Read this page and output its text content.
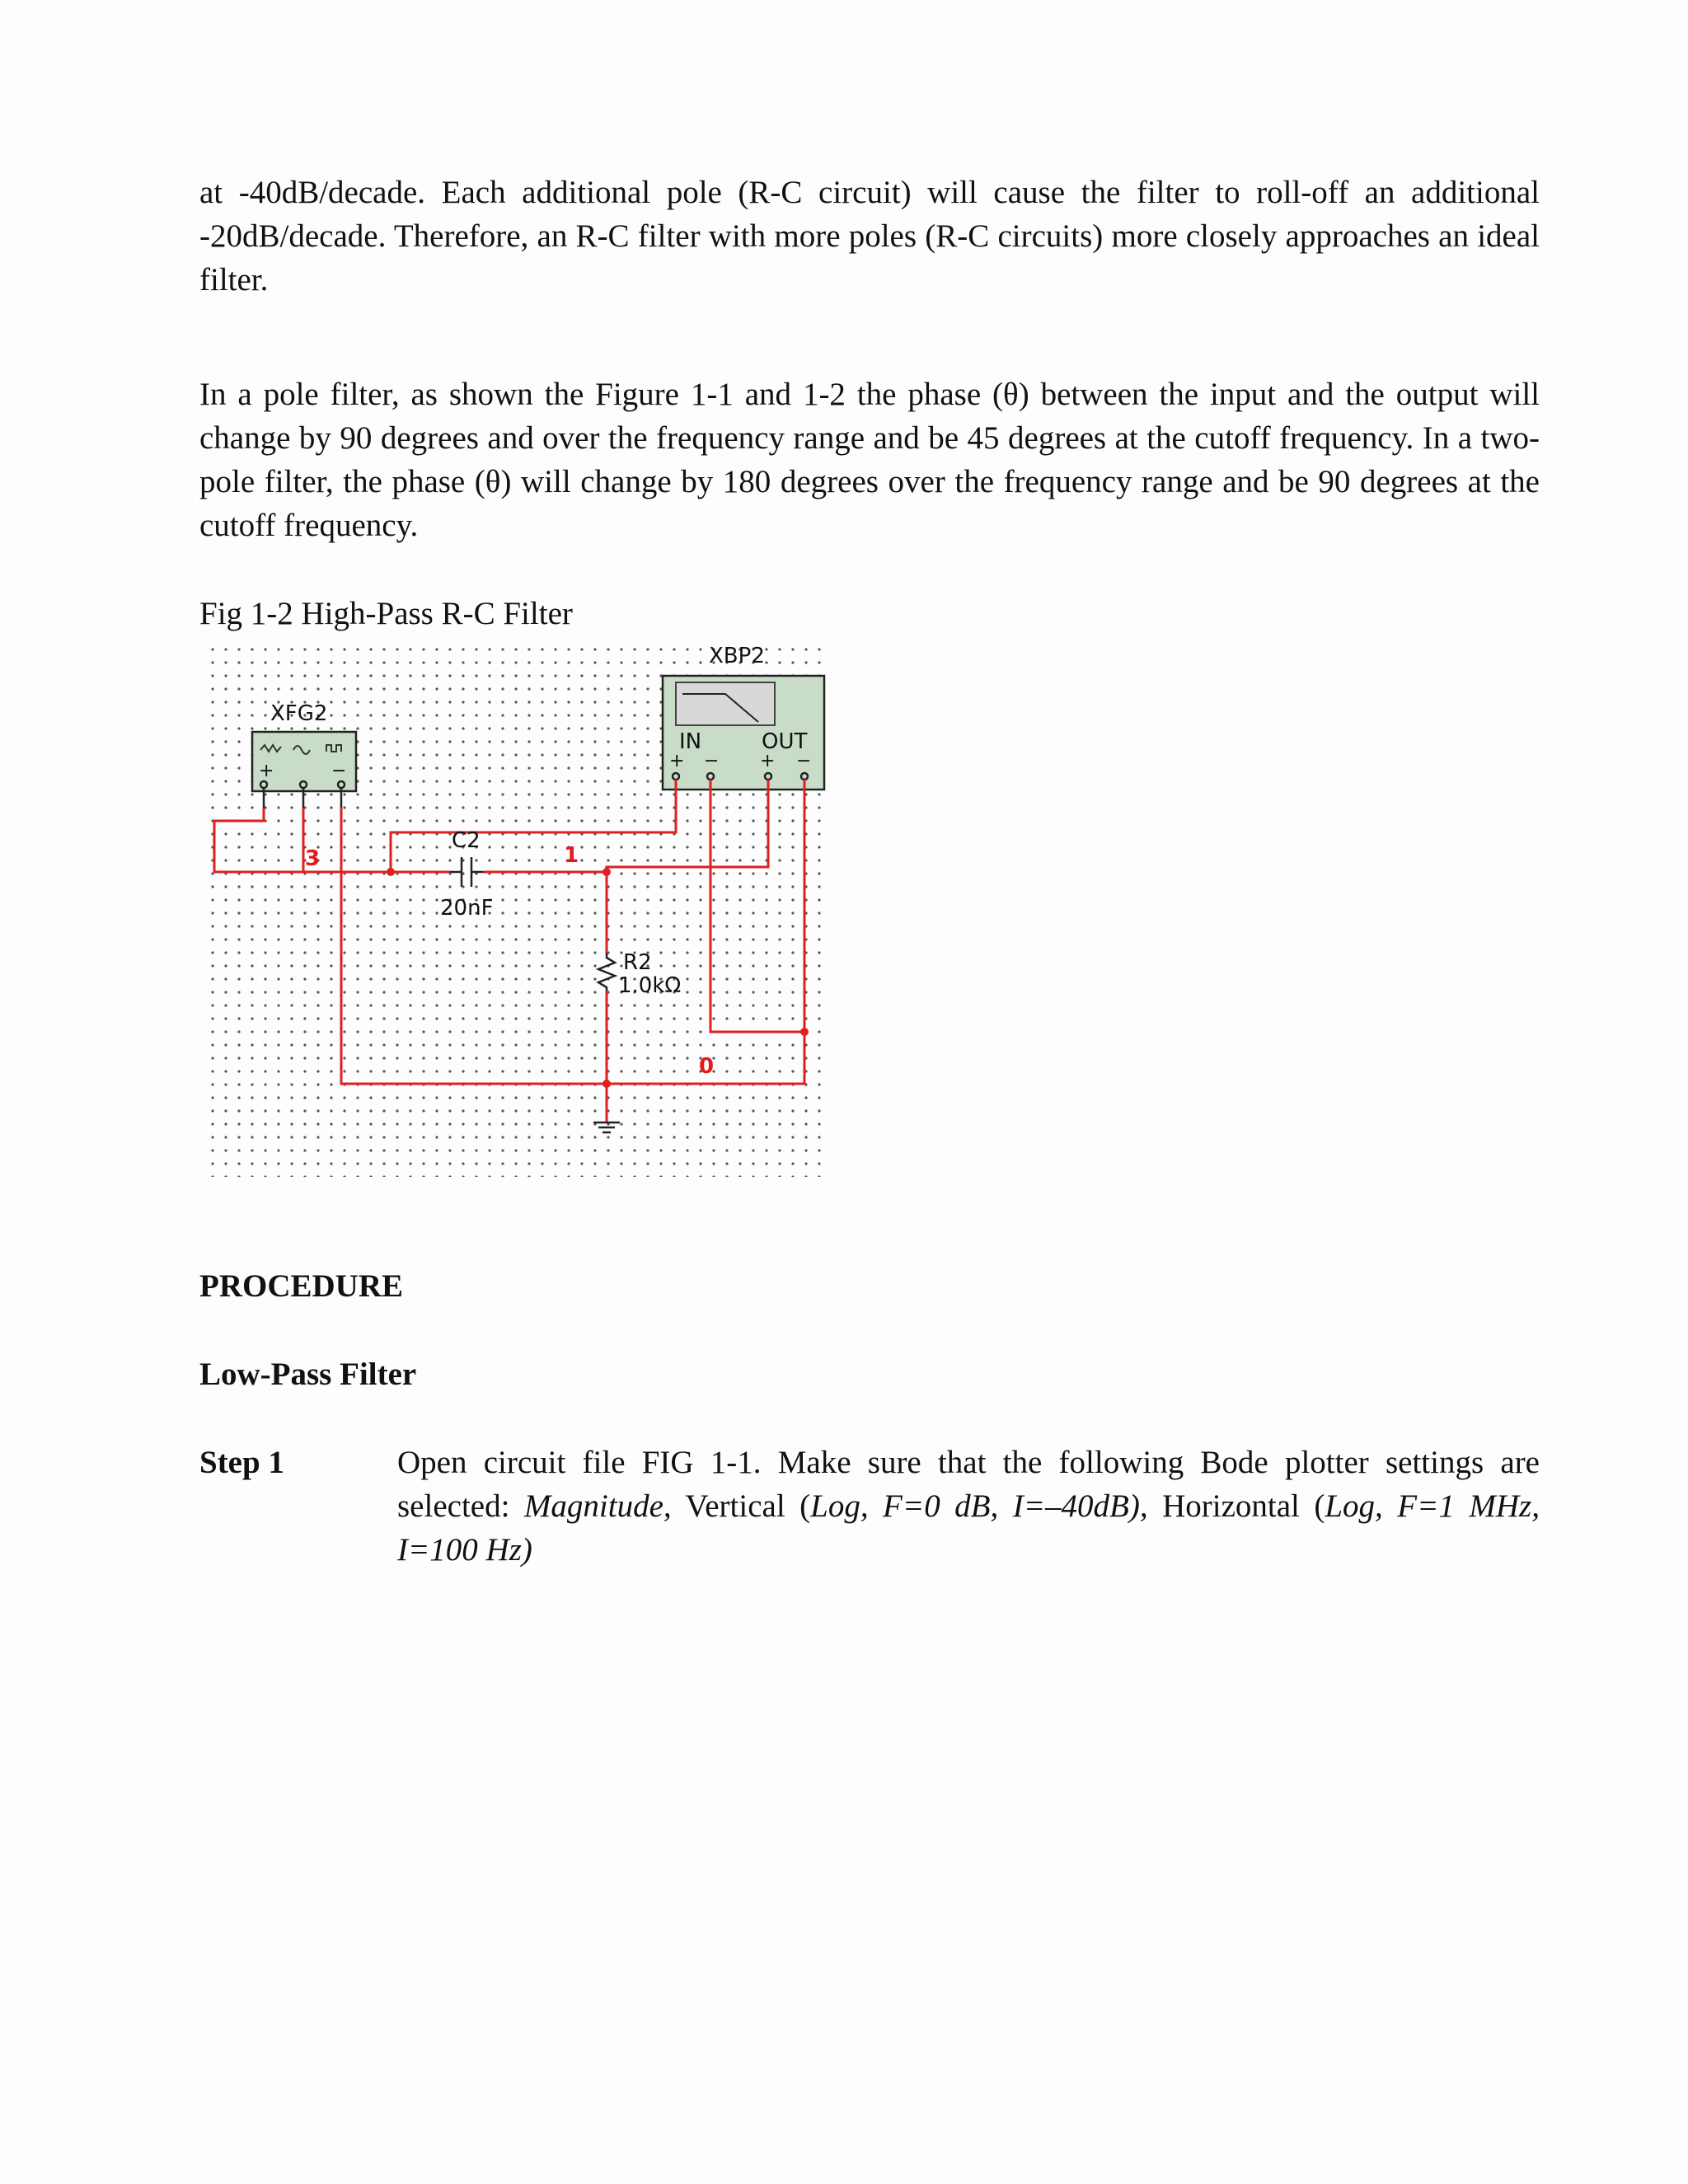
at -40dB/decade. Each additional pole (R-C circuit) will cause the filter to roll-off an additional -20dB/decade. Therefore, an R-C filter with more poles (R-C circuits) more closely approaches an ideal filter.

In a pole filter, as shown the Figure 1-1 and 1-2 the phase (θ) between the input and the output will change by 90 degrees and over the frequency range and be 45 degrees at the cutoff frequency. In a two-pole filter, the phase (θ) will change by 180 degrees over the frequency range and be 90 degrees at the cutoff frequency.

Fig 1-2 High-Pass R-C Filter

XFG2
+	−
XBP2
IN	OUT
+ − + −
C2
20nF
R2
1.0kΩ
3	1
0

PROCEDURE

Low-Pass Filter

Step 1	Open circuit file FIG 1-1. Make sure that the following Bode plotter settings are selected: Magnitude, Vertical (Log, F=0 dB, I=–40dB), Horizontal (Log, F=1 MHz, I=100 Hz)
